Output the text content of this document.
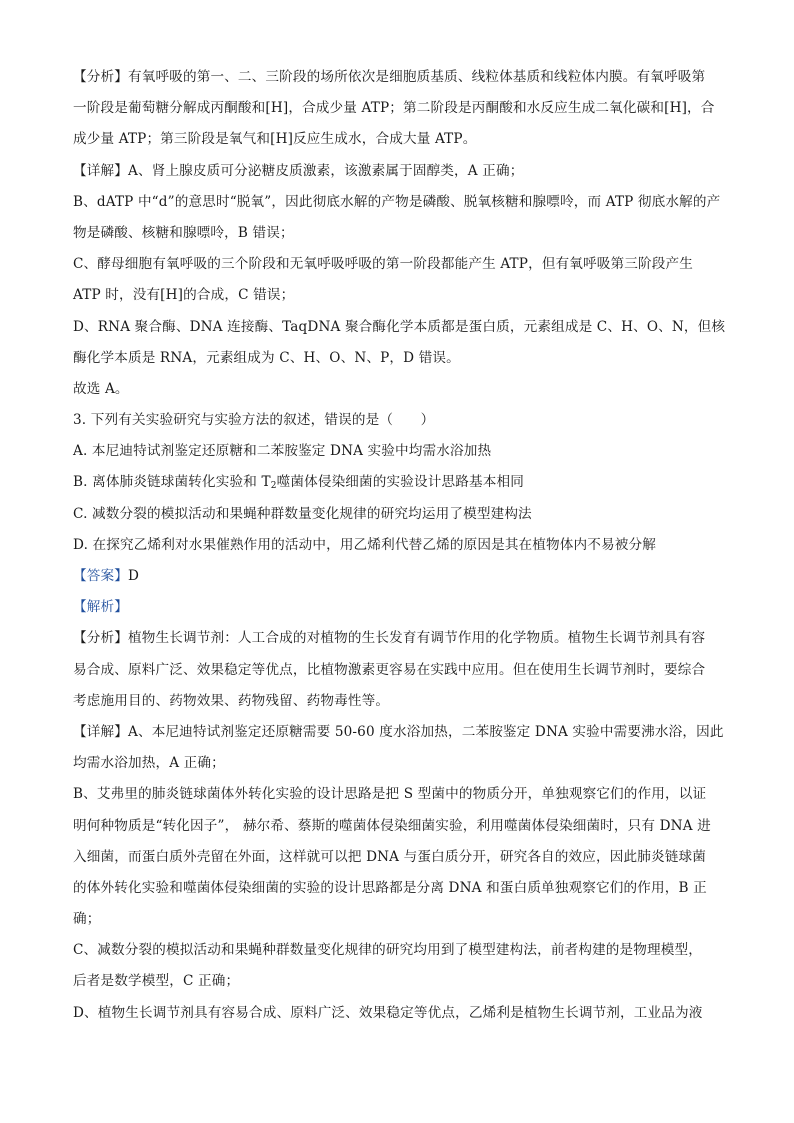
【分析】有氧呼吸的第一、二、三阶段的场所依次是细胞质基质、线粒体基质和线粒体内膜。有氧呼吸第
一阶段是葡萄糖分解成丙酮酸和[H]，合成少量 ATP；第二阶段是丙酮酸和水反应生成二氧化碳和[H]，合
成少量 ATP；第三阶段是氧气和[H]反应生成水，合成大量 ATP。
【详解】A、肾上腺皮质可分泌糖皮质激素，该激素属于固醇类，A 正确；
B、dATP 中“d”的意思时“脱氧”，因此彻底水解的产物是磷酸、脱氧核糖和腺嘌呤，而 ATP 彻底水解的产
物是磷酸、核糖和腺嘌呤，B 错误；
C、酵母细胞有氧呼吸的三个阶段和无氧呼吸呼吸的第一阶段都能产生 ATP，但有氧呼吸第三阶段产生
ATP 时，没有[H]的合成，C 错误；
D、RNA 聚合酶、DNA 连接酶、TaqDNA 聚合酶化学本质都是蛋白质，元素组成是 C、H、O、N，但核
酶化学本质是 RNA，元素组成为 C、H、O、N、P，D 错误。
故选 A。
3. 下列有关实验研究与实验方法的叙述，错误的是（　　）
A. 本尼迪特试剂鉴定还原糖和二苯胺鉴定 DNA 实验中均需水浴加热
B. 离体肺炎链球菌转化实验和 $T_2$噬菌体侵染细菌的实验设计思路基本相同
C. 减数分裂的模拟活动和果蝇种群数量变化规律的研究均运用了模型建构法
D. 在探究乙烯利对水果催熟作用的活动中，用乙烯利代替乙烯的原因是其在植物体内不易被分解
【答案】D
【解析】
【分析】植物生长调节剂：人工合成的对植物的生长发育有调节作用的化学物质。植物生长调节剂具有容
易合成、原料广泛、效果稳定等优点，比植物激素更容易在实践中应用。但在使用生长调节剂时，要综合
考虑施用目的、药物效果、药物残留、药物毒性等。
【详解】A、本尼迪特试剂鉴定还原糖需要 50-60 度水浴加热，二苯胺鉴定 DNA 实验中需要沸水浴，因此
均需水浴加热，A 正确；
B、艾弗里的肺炎链球菌体外转化实验的设计思路是把 S 型菌中的物质分开，单独观察它们的作用，以证
明何种物质是“转化因子”， 赫尔希、蔡斯的噬菌体侵染细菌实验，利用噬菌体侵染细菌时，只有 DNA 进
入细菌，而蛋白质外壳留在外面，这样就可以把 DNA 与蛋白质分开，研究各自的效应，因此肺炎链球菌
的体外转化实验和噬菌体侵染细菌的实验的设计思路都是分离 DNA 和蛋白质单独观察它们的作用，B 正
确；
C、减数分裂的模拟活动和果蝇种群数量变化规律的研究均用到了模型建构法，前者构建的是物理模型，
后者是数学模型，C 正确；
D、植物生长调节剂具有容易合成、原料广泛、效果稳定等优点，乙烯利是植物生长调节剂，工业品为液
